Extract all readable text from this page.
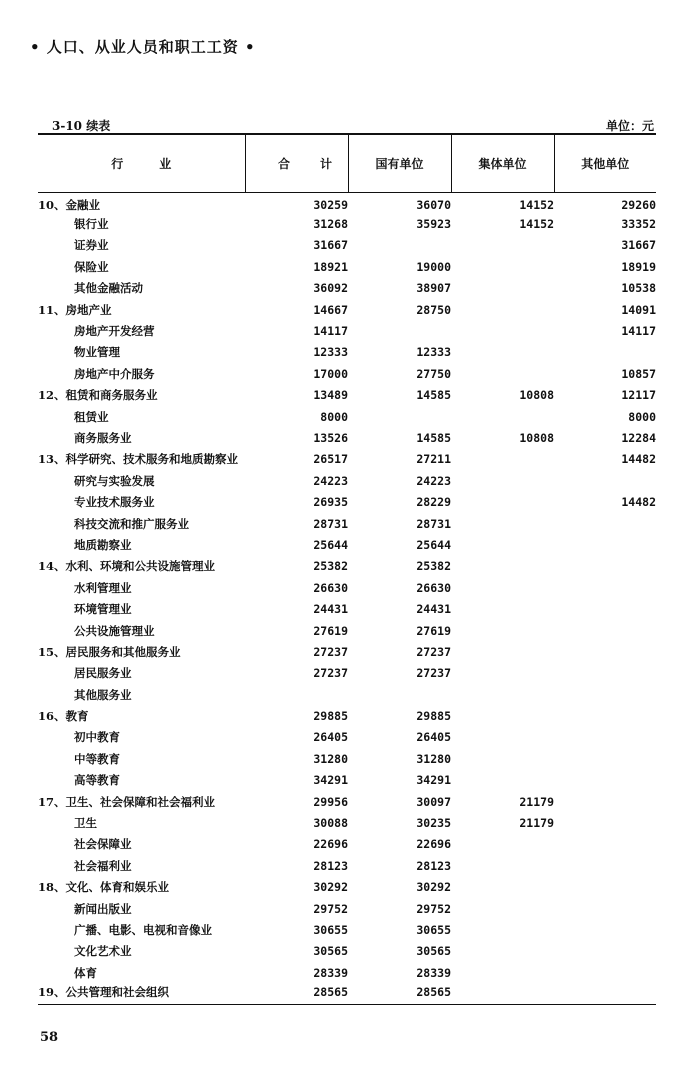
• 人口、从业人员和职工工资 •
3-10 续表	单位：元
行 业	合 计	国有单位	集体单位	其他单位
10、金融业	30259	36070	14152	29260
银行业	31268	35923	14152	33352
证券业	31667			31667
保险业	18921	19000		18919
其他金融活动	36092	38907		10538
11、房地产业	14667	28750		14091
房地产开发经营	14117			14117
物业管理	12333	12333		
房地产中介服务	17000	27750		10857
12、租赁和商务服务业	13489	14585	10808	12117
租赁业	8000			8000
商务服务业	13526	14585	10808	12284
13、科学研究、技术服务和地质勘察业	26517	27211		14482
研究与实验发展	24223	24223		
专业技术服务业	26935	28229		14482
科技交流和推广服务业	28731	28731		
地质勘察业	25644	25644		
14、水利、环境和公共设施管理业	25382	25382		
水利管理业	26630	26630		
环境管理业	24431	24431		
公共设施管理业	27619	27619		
15、居民服务和其他服务业	27237	27237		
居民服务业	27237	27237		
其他服务业				
16、教育	29885	29885		
初中教育	26405	26405		
中等教育	31280	31280		
高等教育	34291	34291		
17、卫生、社会保障和社会福利业	29956	30097	21179	
卫生	30088	30235	21179	
社会保障业	22696	22696		
社会福利业	28123	28123		
18、文化、体育和娱乐业	30292	30292		
新闻出版业	29752	29752		
广播、电影、电视和音像业	30655	30655		
文化艺术业	30565	30565		
体育	28339	28339		
19、公共管理和社会组织	28565	28565		
58
